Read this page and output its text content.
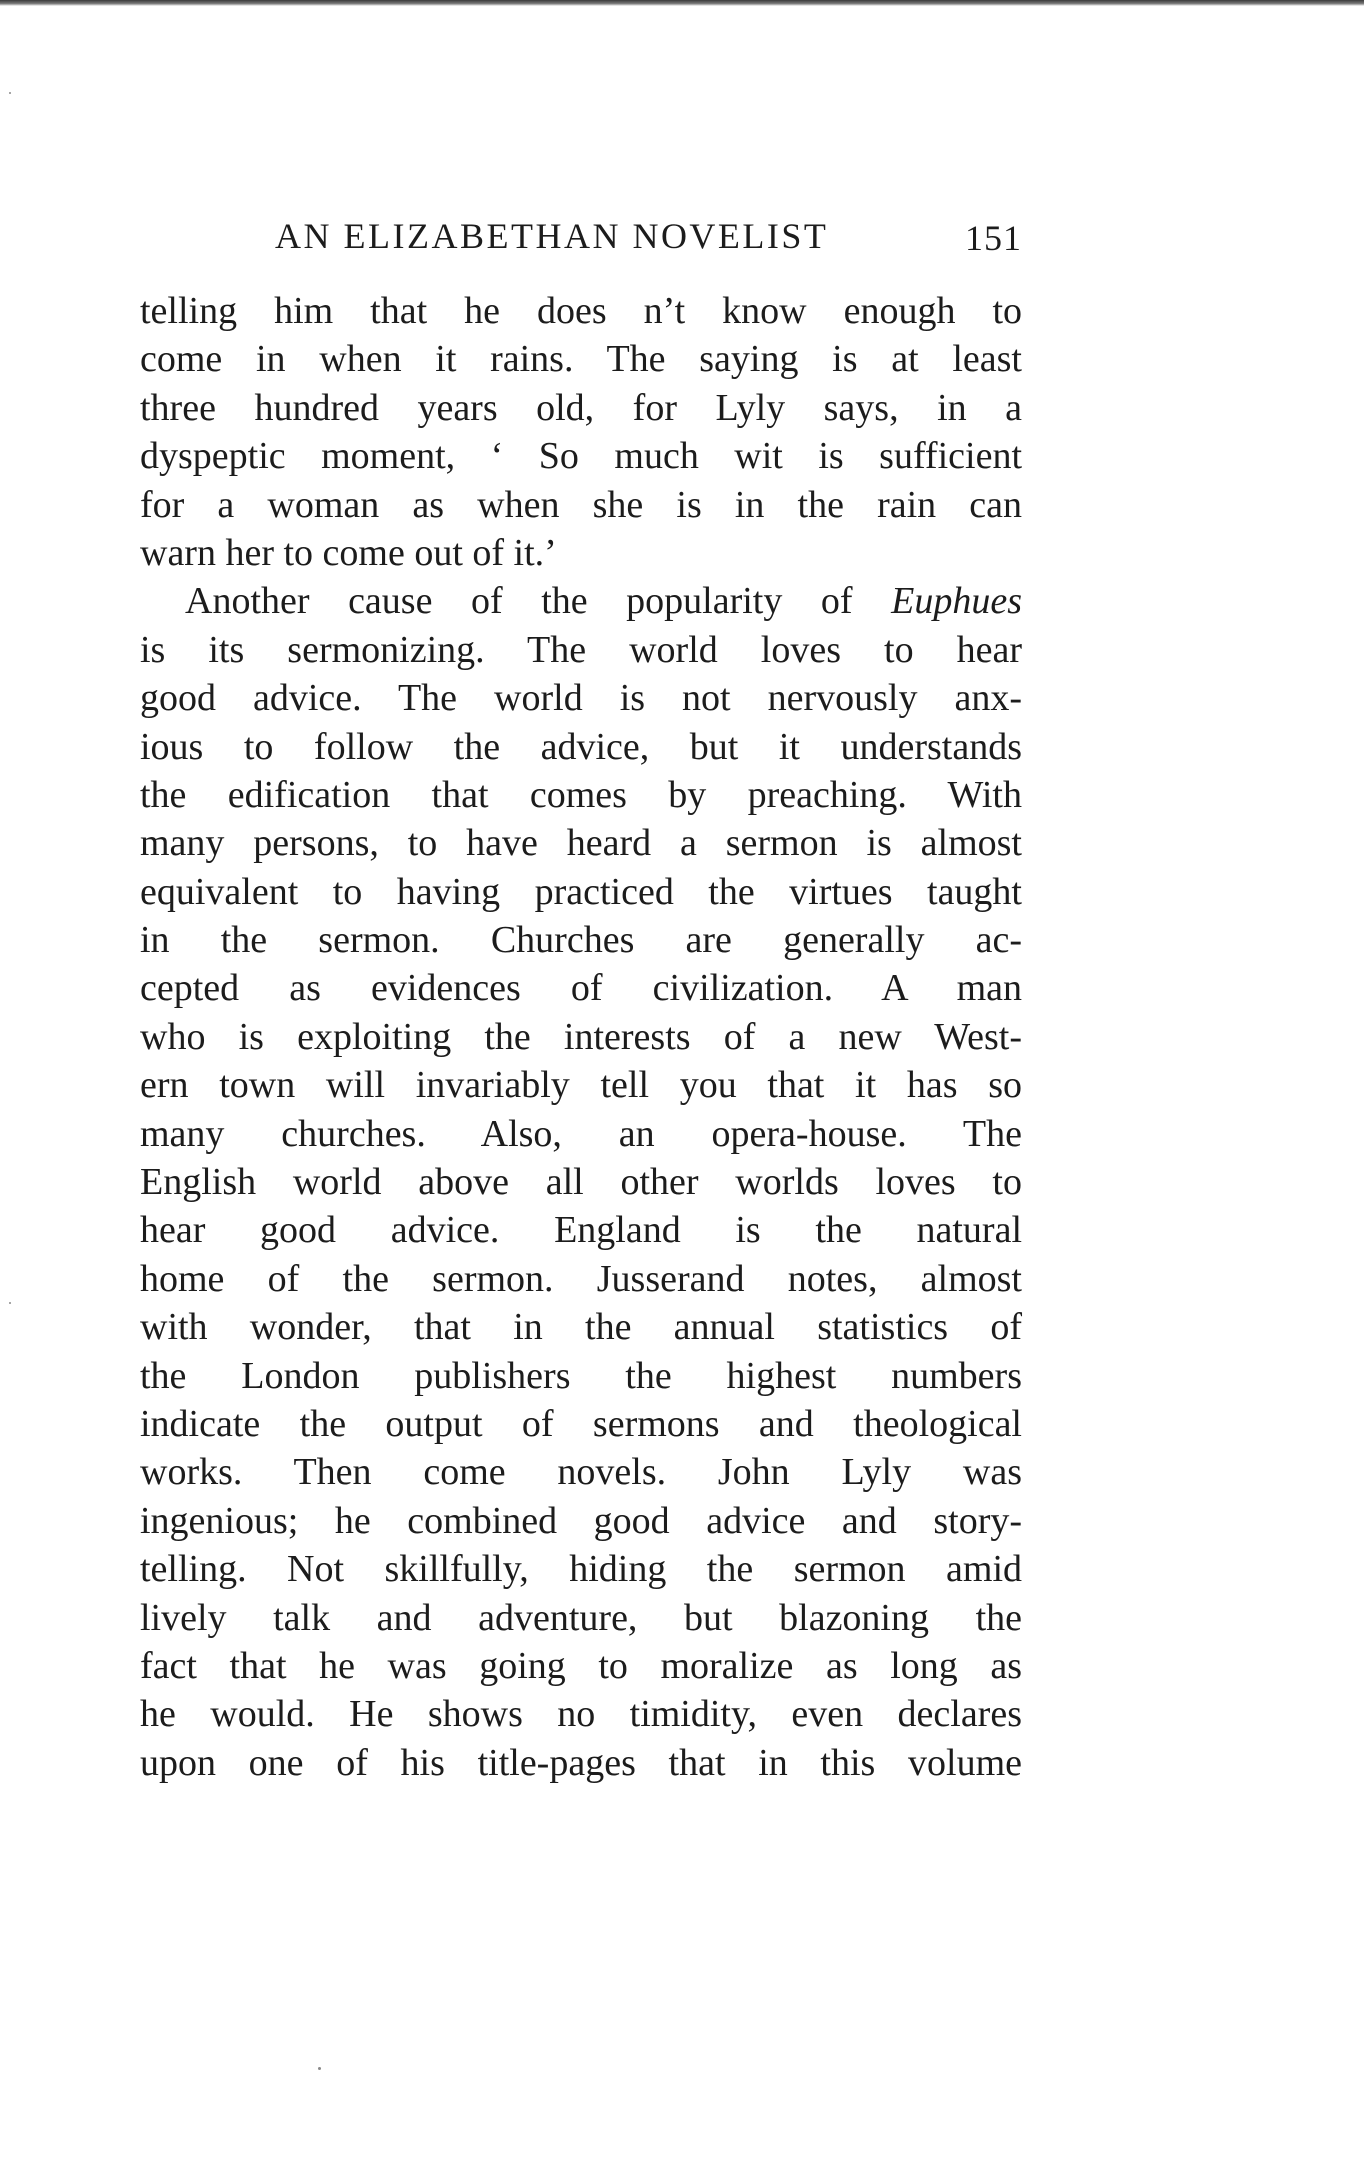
AN ELIZABETHAN NOVELIST	151
telling him that he does n’t know enough to
come in when it rains. The saying is at least
three hundred years old, for Lyly says, in a
dyspeptic moment, ‘ So much wit is sufficient
for a woman as when she is in the rain can
warn her to come out of it.’
Another cause of the popularity of Euphues
is its sermonizing. The world loves to hear
good advice. The world is not nervously anx-
ious to follow the advice, but it understands
the edification that comes by preaching. With
many persons, to have heard a sermon is almost
equivalent to having practiced the virtues taught
in the sermon. Churches are generally ac-
cepted as evidences of civilization. A man
who is exploiting the interests of a new West-
ern town will invariably tell you that it has so
many churches. Also, an opera-house. The
English world above all other worlds loves to
hear good advice. England is the natural
home of the sermon. Jusserand notes, almost
with wonder, that in the annual statistics of
the London publishers the highest numbers
indicate the output of sermons and theological
works. Then come novels. John Lyly was
ingenious; he combined good advice and story-
telling. Not skillfully, hiding the sermon amid
lively talk and adventure, but blazoning the
fact that he was going to moralize as long as
he would. He shows no timidity, even declares
upon one of his title-pages that in this volume
